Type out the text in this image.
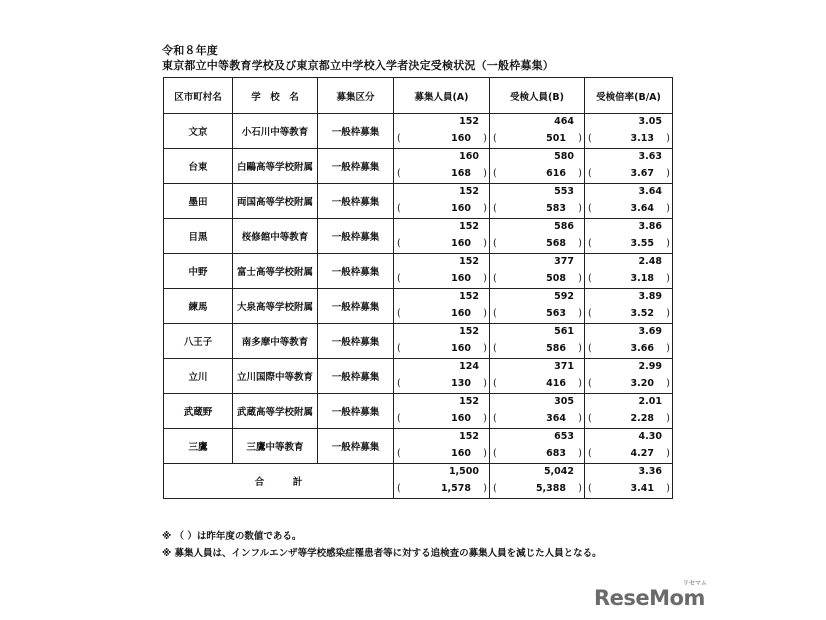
令和８年度
東京都立中等教育学校及び東京都立中学校入学者決定受検状況（一般枠募集）
区市町村名	学　校　名	募集区分	募集人員(A)	受検人員(B)	受検倍率(B/A)
文京	小石川中等教育	一般枠募集	152	464	3.05

			( 160 )	( 501 )	( 3.13 )

台東	白鷗高等学校附属	一般枠募集	160	580	3.63

			( 168 )	( 616 )	( 3.67 )

墨田	両国高等学校附属	一般枠募集	152	553	3.64

			( 160 )	( 583 )	( 3.64 )

目黒	桜修館中等教育	一般枠募集	152	586	3.86

			( 160 )	( 568 )	( 3.55 )

中野	富士高等学校附属	一般枠募集	152	377	2.48

			( 160 )	( 508 )	( 3.18 )

練馬	大泉高等学校附属	一般枠募集	152	592	3.89

			( 160 )	( 563 )	( 3.52 )

八王子	南多摩中等教育	一般枠募集	152	561	3.69

			( 160 )	( 586 )	( 3.66 )

立川	立川国際中等教育	一般枠募集	124	371	2.99

			( 130 )	( 416 )	( 3.20 )

武蔵野	武蔵高等学校附属	一般枠募集	152	305	2.01

			( 160 )	( 364 )	( 2.28 )

三鷹	三鷹中等教育	一般枠募集	152	653	4.30

			( 160 )	( 683 )	( 4.27 )

合　　　計			1,500	5,042	3.36

			( 1,578 )	( 5,388 )	( 3.41 )
※ （ ）は昨年度の数値である。
※ 募集人員は、インフルエンザ等学校感染症罹患者等に対する追検査の募集人員を減じた人員となる。
ReseMom
リセマム
